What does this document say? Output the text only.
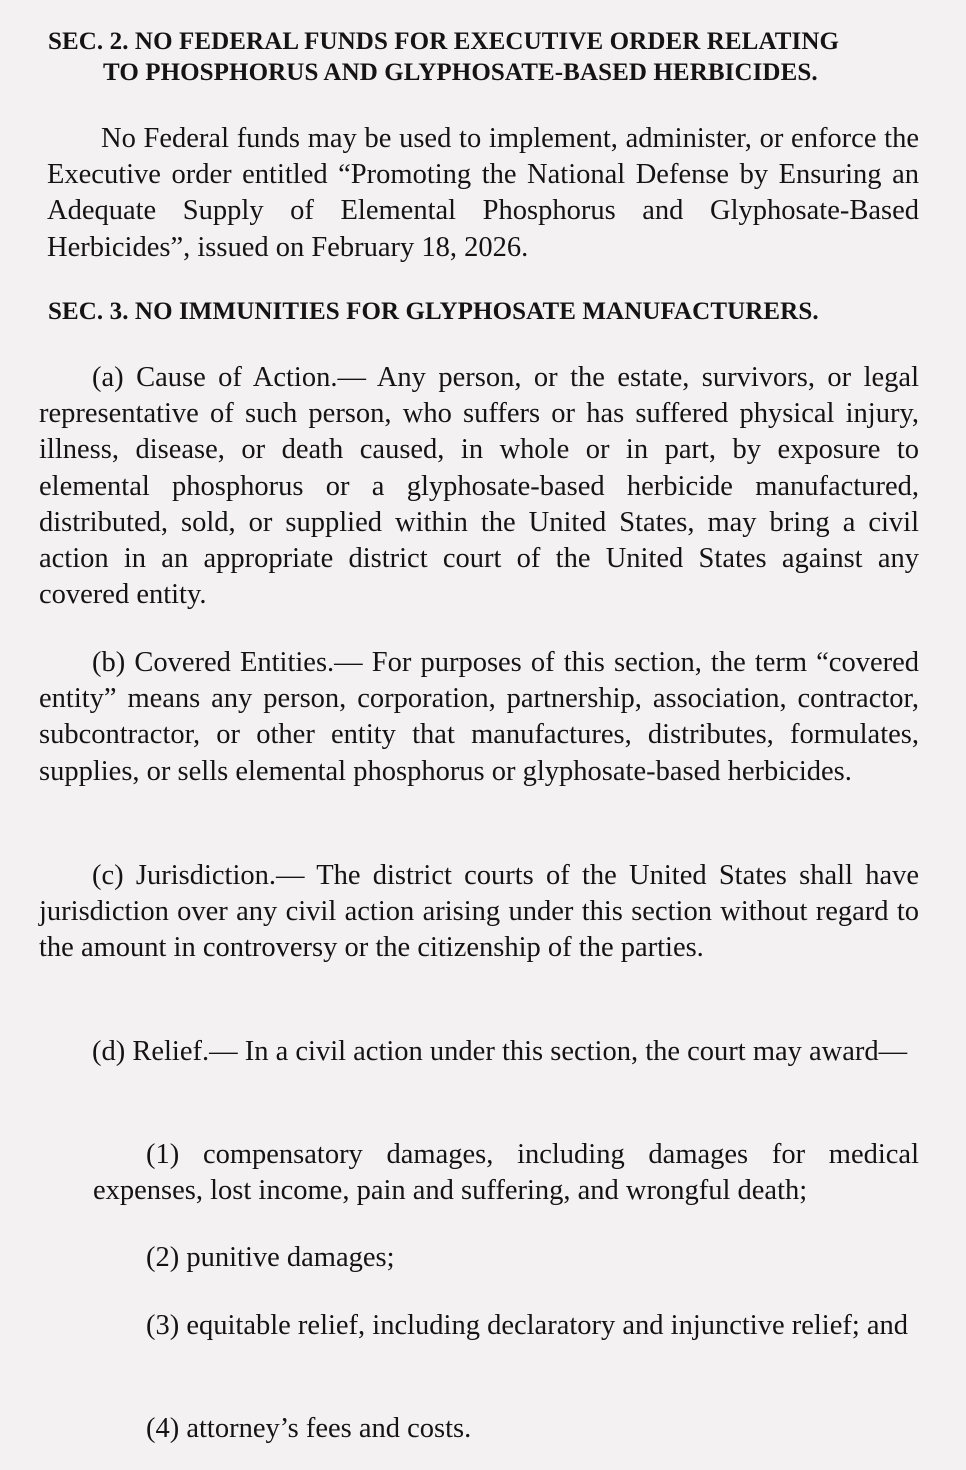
SEC. 2. NO FEDERAL FUNDS FOR EXECUTIVE ORDER RELATING
TO PHOSPHORUS AND GLYPHOSATE-BASED HERBICIDES.

No Federal funds may be used to implement, administer, or enforce the Executive order entitled “Promoting the National Defense by Ensuring an Adequate Supply of Elemental Phosphorus and Glyphosate-Based Herbicides”, issued on February 18, 2026.

SEC. 3. NO IMMUNITIES FOR GLYPHOSATE MANUFACTURERS.

(a) Cause of Action.— Any person, or the estate, survivors, or legal representative of such person, who suffers or has suffered physical injury, illness, disease, or death caused, in whole or in part, by exposure to elemental phosphorus or a glyphosate-based herbicide manufactured, distributed, sold, or supplied within the United States, may bring a civil action in an appropriate district court of the United States against any covered entity.

(b) Covered Entities.— For purposes of this section, the term “covered entity” means any person, corporation, partnership, association, contractor, subcontractor, or other entity that manufactures, distributes, formulates, supplies, or sells elemental phosphorus or glyphosate-based herbicides.

(c) Jurisdiction.— The district courts of the United States shall have jurisdiction over any civil action arising under this section without regard to the amount in controversy or the citizenship of the parties.

(d) Relief.— In a civil action under this section, the court may award—

(1) compensatory damages, including damages for medical expenses, lost income, pain and suffering, and wrongful death;

(2) punitive damages;

(3) equitable relief, including declaratory and injunctive relief; and

(4) attorney’s fees and costs.
